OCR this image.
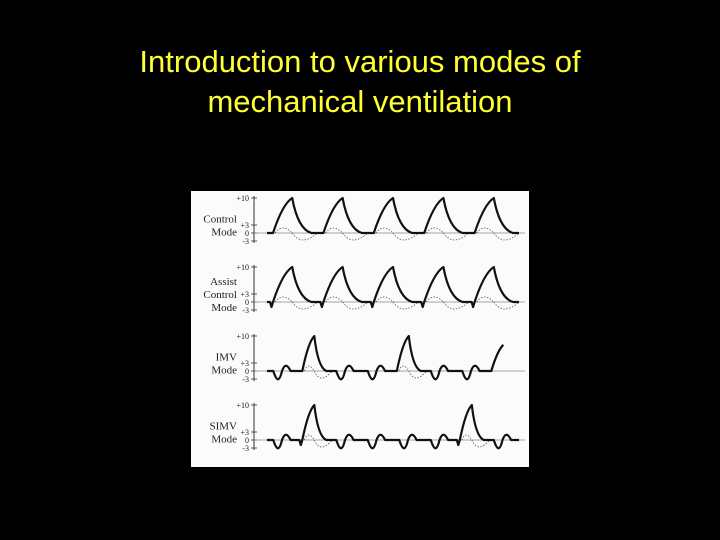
Introduction to various modes of
mechanical ventilation
Control
Mode
+10
+3
0
-3
Assist
Control
Mode
+10
+3
0
-3
IMV
Mode
+10
+3
0
-3
SIMV
Mode
+10
+3
0
-3
